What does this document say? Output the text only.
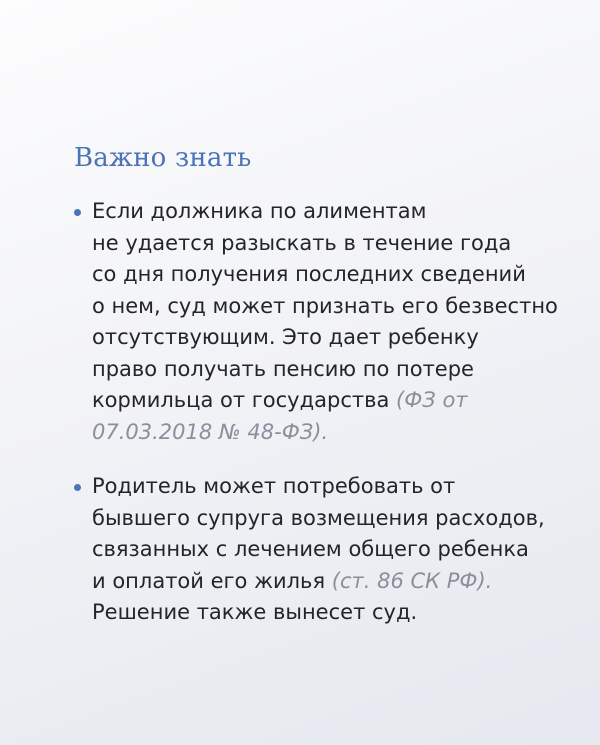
Важно знать
Если должника по алиментам
не удается разыскать в течение года
со дня получения последних сведений
о нем, суд может признать его безвестно
отсутствующим. Это дает ребенку
право получать пенсию по потере
кормильца от государства (ФЗ от
07.03.2018 № 48-ФЗ).
Родитель может потребовать от
бывшего супруга возмещения расходов,
связанных с лечением общего ребенка
и оплатой его жилья (ст. 86 СК РФ).
Решение также вынесет суд.
